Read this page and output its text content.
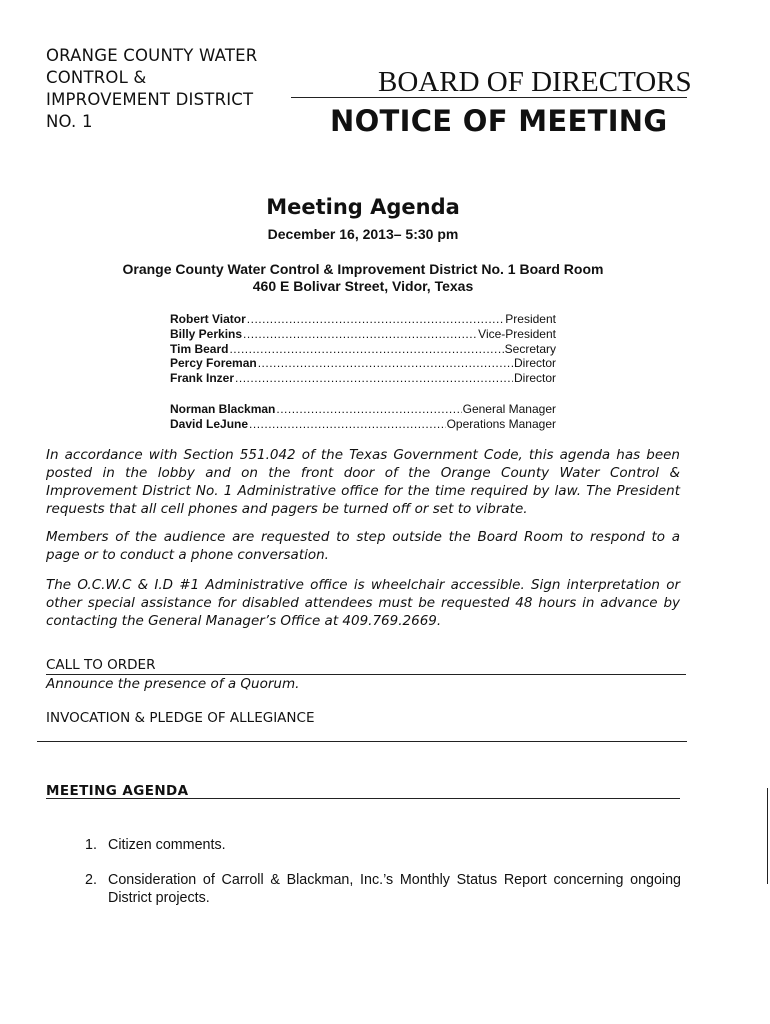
ORANGE COUNTY WATER
CONTROL &
IMPROVEMENT DISTRICT
NO. 1
BOARD OF DIRECTORS
NOTICE OF MEETING
Meeting Agenda
December 16, 2013– 5:30 pm
Orange County Water Control & Improvement District No. 1 Board Room
460 E Bolivar Street, Vidor, Texas
Robert Viator .....	President
Billy Perkins .....	Vice-President
Tim Beard .....	Secretary
Percy Foreman .....	Director
Frank Inzer .....	Director
Norman Blackman .....	General Manager
David LeJune .....	Operations Manager

In accordance with Section 551.042 of the Texas Government Code, this agenda has been posted in the lobby and on the front door of the Orange County Water Control & Improvement District No. 1 Administrative office for the time required by law. The President requests that all cell phones and pagers be turned off or set to vibrate.

Members of the audience are requested to step outside the Board Room to respond to a page or to conduct a phone conversation.

The O.C.W.C & I.D #1 Administrative office is wheelchair accessible. Sign interpretation or other special assistance for disabled attendees must be requested 48 hours in advance by contacting the General Manager’s Office at 409.769.2669.

CALL TO ORDER
Announce the presence of a Quorum.
INVOCATION & PLEDGE OF ALLEGIANCE
MEETING AGENDA
1. Citizen comments.
2. Consideration of Carroll & Blackman, Inc.’s Monthly Status Report concerning ongoing District projects.
